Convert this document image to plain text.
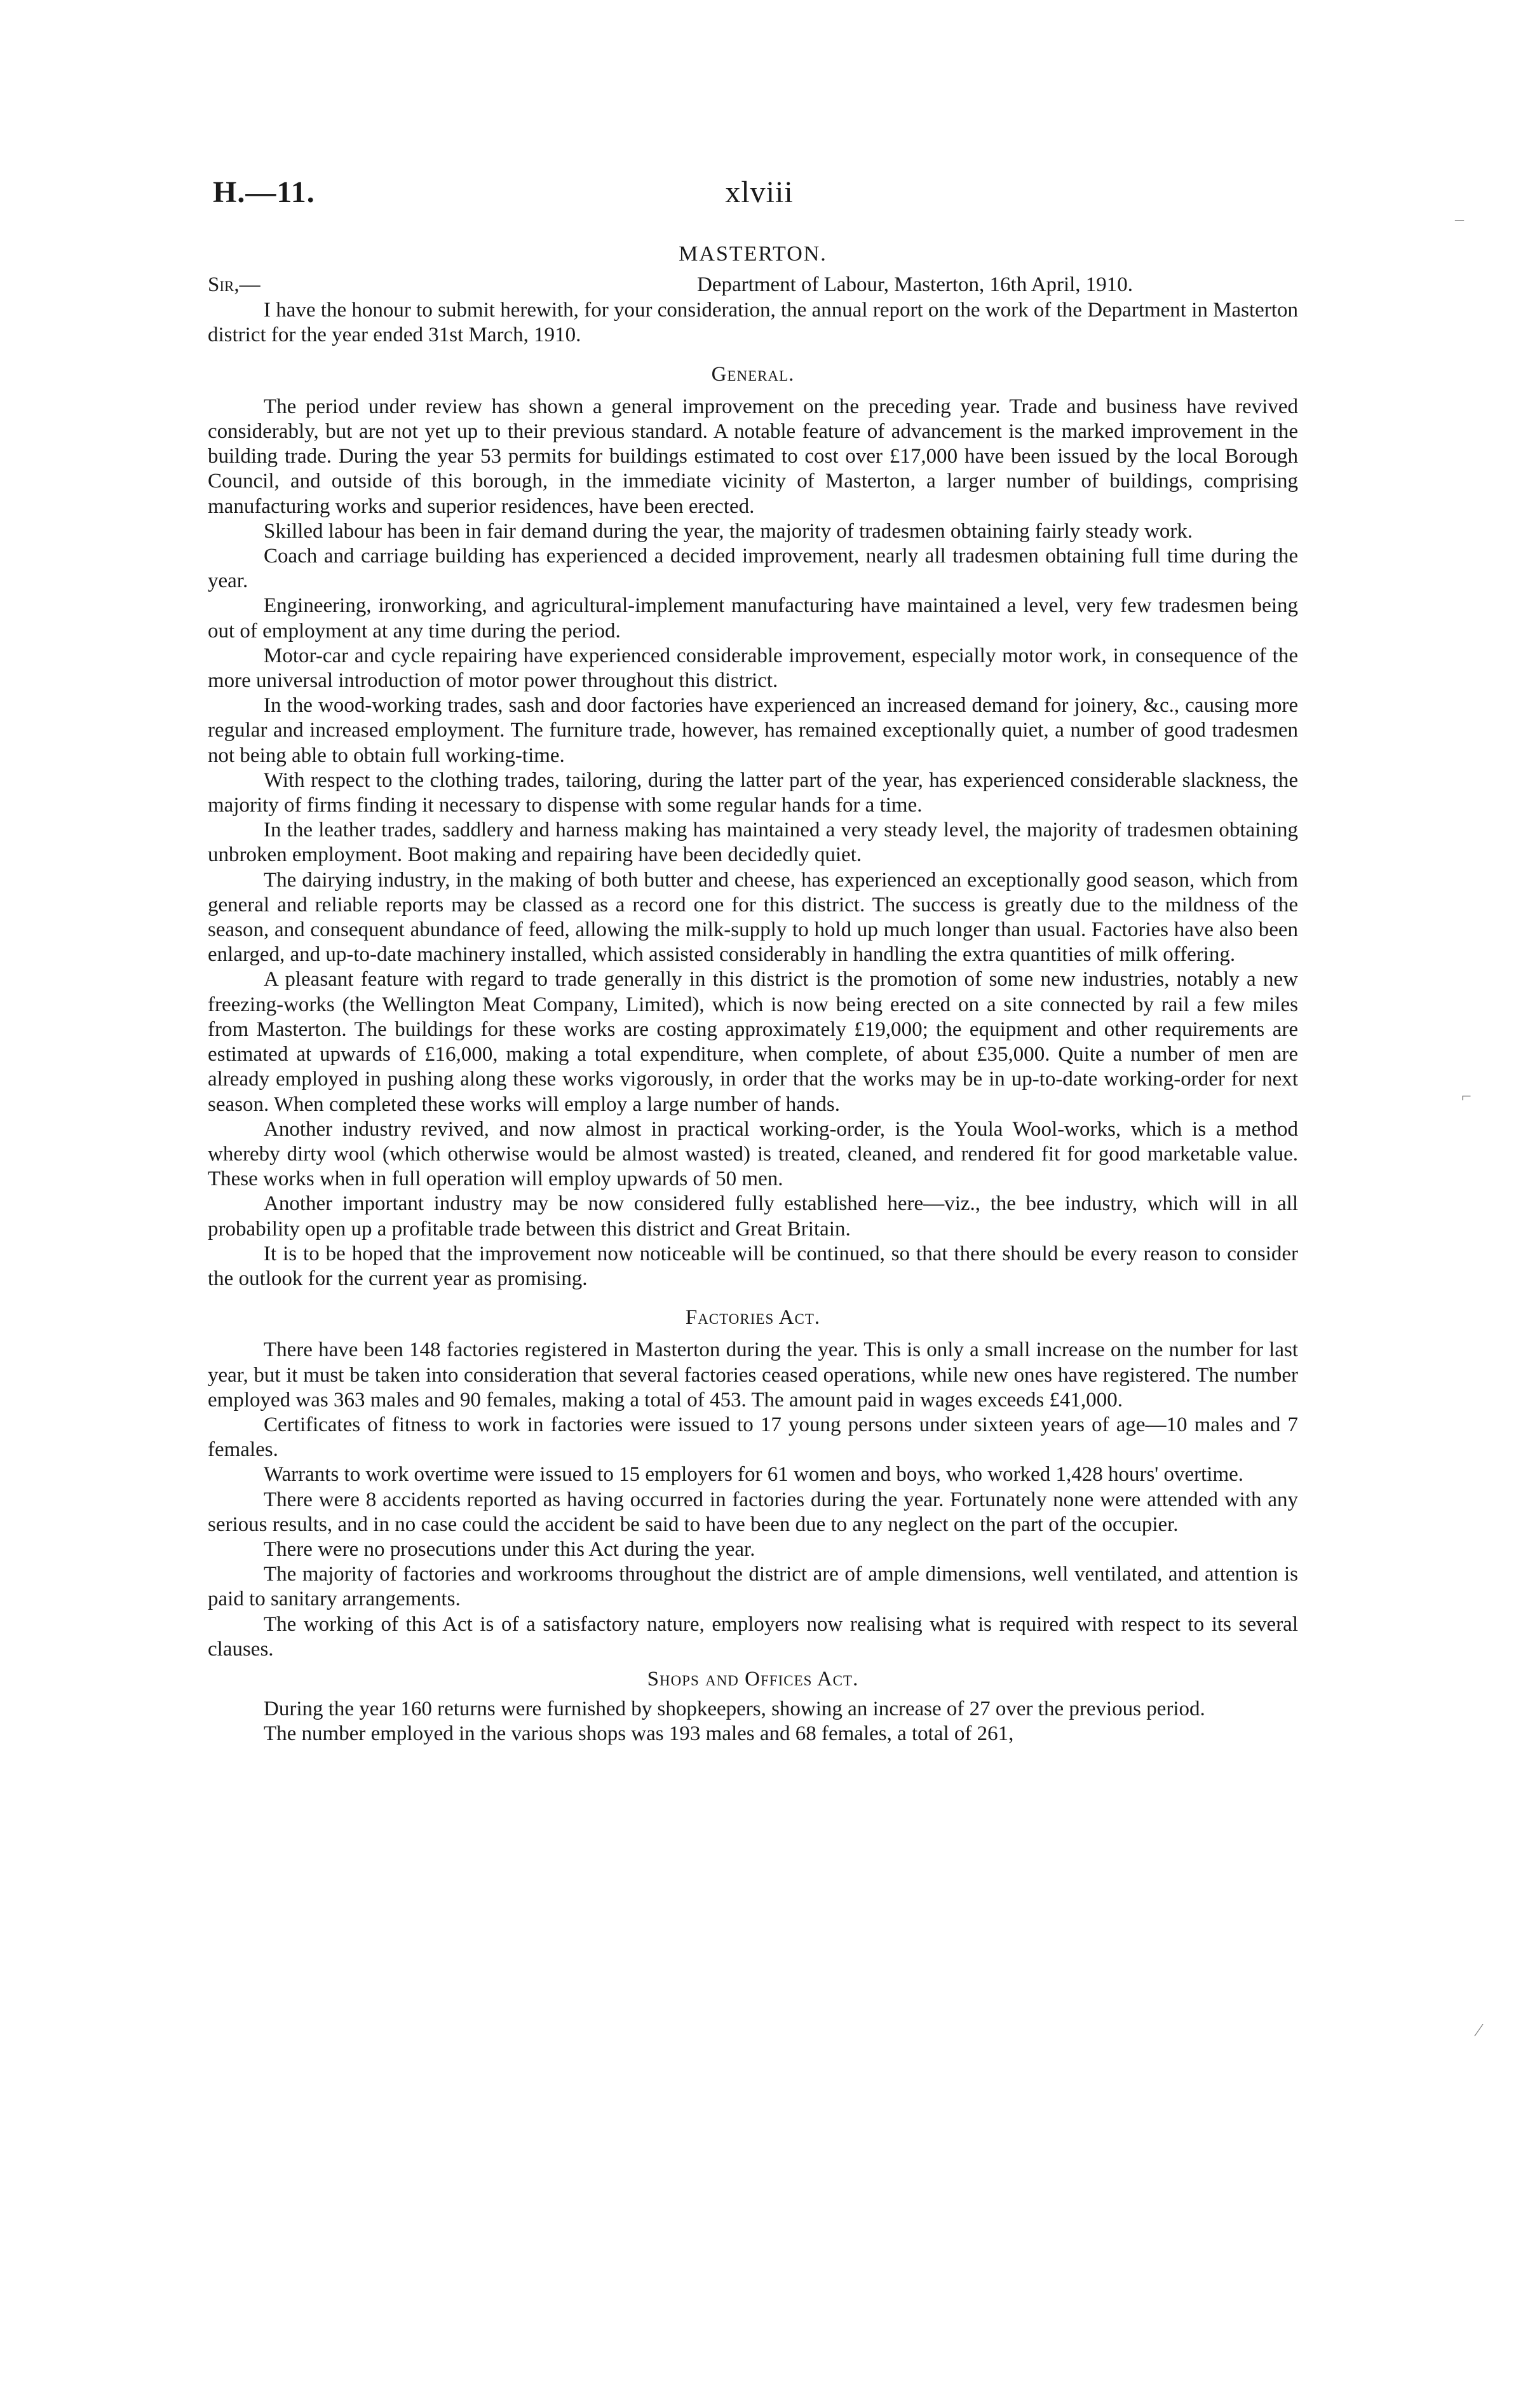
H.—11.	xlviii
MASTERTON.
Sir,—	Department of Labour, Masterton, 16th April, 1910.

I have the honour to submit herewith, for your consideration, the annual report on the work of the Department in Masterton district for the year ended 31st March, 1910.

General.

The period under review has shown a general improvement on the preceding year. Trade and business have revived considerably, but are not yet up to their previous standard. A notable feature of advancement is the marked improvement in the building trade. During the year 53 permits for buildings estimated to cost over £17,000 have been issued by the local Borough Council, and outside of this borough, in the immediate vicinity of Masterton, a larger number of buildings, comprising manufacturing works and superior residences, have been erected.

Skilled labour has been in fair demand during the year, the majority of tradesmen obtaining fairly steady work.

Coach and carriage building has experienced a decided improvement, nearly all tradesmen obtaining full time during the year.

Engineering, ironworking, and agricultural-implement manufacturing have maintained a level, very few tradesmen being out of employment at any time during the period.

Motor-car and cycle repairing have experienced considerable improvement, especially motor work, in consequence of the more universal introduction of motor power throughout this district.

In the wood-working trades, sash and door factories have experienced an increased demand for joinery, &c., causing more regular and increased employment. The furniture trade, however, has remained exceptionally quiet, a number of good tradesmen not being able to obtain full working-time.

With respect to the clothing trades, tailoring, during the latter part of the year, has experienced considerable slackness, the majority of firms finding it necessary to dispense with some regular hands for a time.

In the leather trades, saddlery and harness making has maintained a very steady level, the majority of tradesmen obtaining unbroken employment. Boot making and repairing have been decidedly quiet.

The dairying industry, in the making of both butter and cheese, has experienced an exceptionally good season, which from general and reliable reports may be classed as a record one for this district. The success is greatly due to the mildness of the season, and consequent abundance of feed, allowing the milk-supply to hold up much longer than usual. Factories have also been enlarged, and up-to-date machinery installed, which assisted considerably in handling the extra quantities of milk offering.

A pleasant feature with regard to trade generally in this district is the promotion of some new industries, notably a new freezing-works (the Wellington Meat Company, Limited), which is now being erected on a site connected by rail a few miles from Masterton. The buildings for these works are costing approximately £19,000; the equipment and other requirements are estimated at upwards of £16,000, making a total expenditure, when complete, of about £35,000. Quite a number of men are already employed in pushing along these works vigorously, in order that the works may be in up-to-date working-order for next season. When completed these works will employ a large number of hands.

Another industry revived, and now almost in practical working-order, is the Youla Wool-works, which is a method whereby dirty wool (which otherwise would be almost wasted) is treated, cleaned, and rendered fit for good marketable value. These works when in full operation will employ upwards of 50 men.

Another important industry may be now considered fully established here—viz., the bee industry, which will in all probability open up a profitable trade between this district and Great Britain.

It is to be hoped that the improvement now noticeable will be continued, so that there should be every reason to consider the outlook for the current year as promising.

Factories Act.

There have been 148 factories registered in Masterton during the year. This is only a small increase on the number for last year, but it must be taken into consideration that several factories ceased operations, while new ones have registered. The number employed was 363 males and 90 females, making a total of 453. The amount paid in wages exceeds £41,000.

Certificates of fitness to work in factories were issued to 17 young persons under sixteen years of age—10 males and 7 females.

Warrants to work overtime were issued to 15 employers for 61 women and boys, who worked 1,428 hours' overtime.

There were 8 accidents reported as having occurred in factories during the year. Fortunately none were attended with any serious results, and in no case could the accident be said to have been due to any neglect on the part of the occupier.

There were no prosecutions under this Act during the year.

The majority of factories and workrooms throughout the district are of ample dimensions, well ventilated, and attention is paid to sanitary arrangements.

The working of this Act is of a satisfactory nature, employers now realising what is required with respect to its several clauses.

Shops and Offices Act.

During the year 160 returns were furnished by shopkeepers, showing an increase of 27 over the previous period.

The number employed in the various shops was 193 males and 68 females, a total of 261,

–
⌐
⁄
